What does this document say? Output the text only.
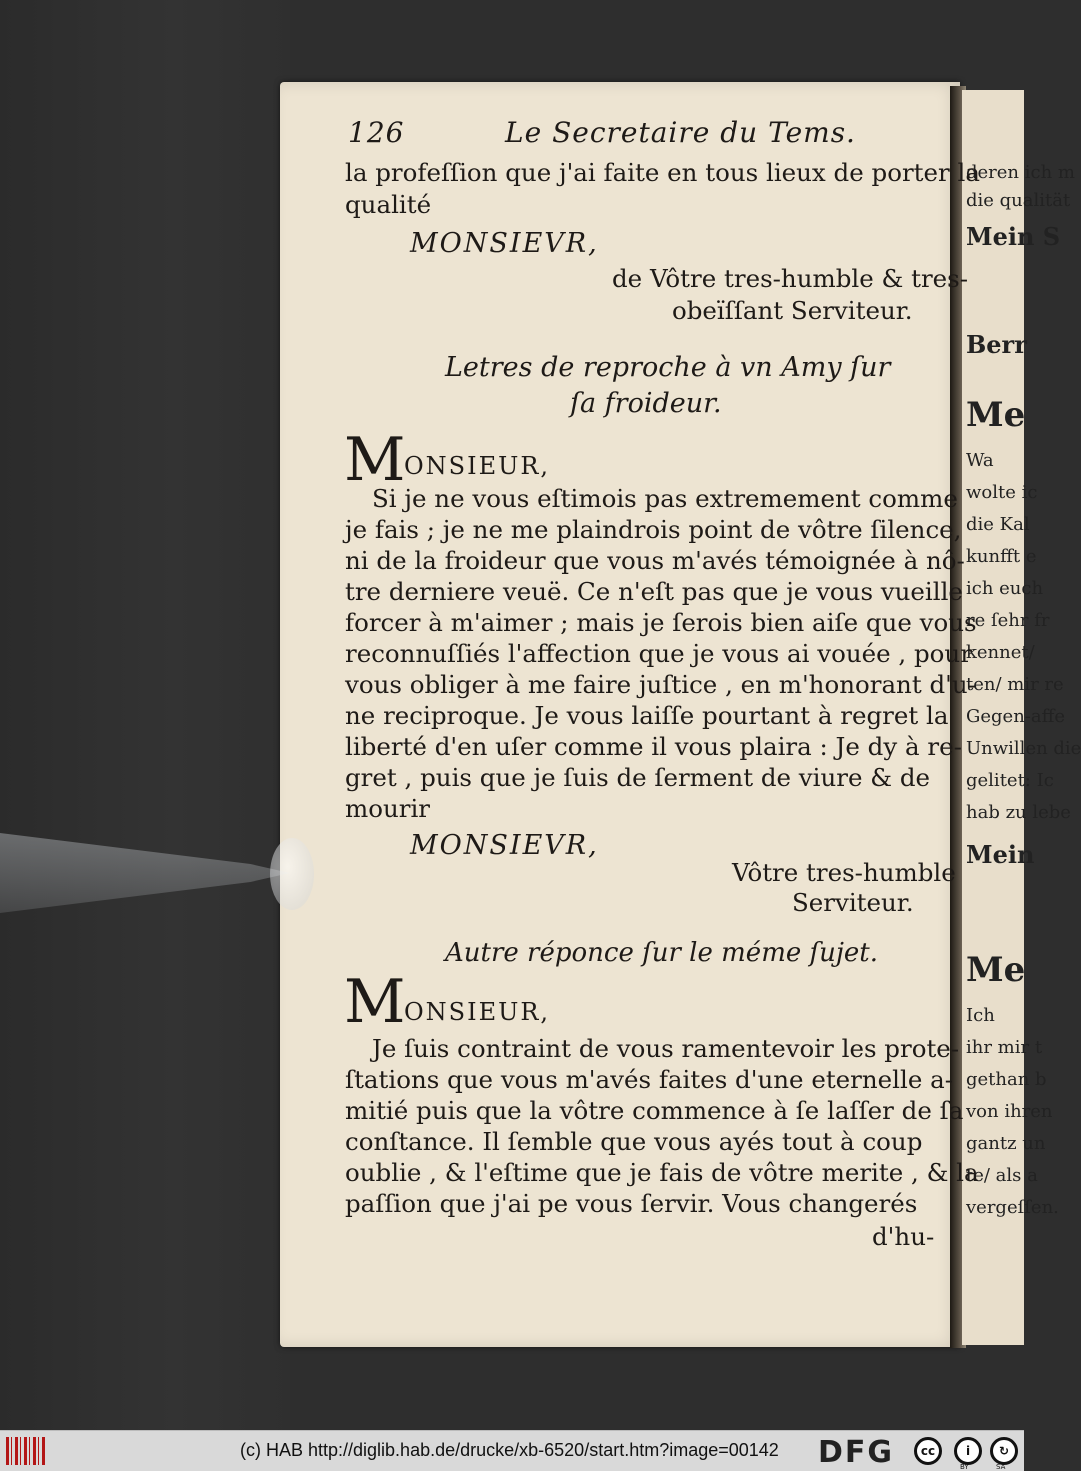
deren ich m
die qualität
Mein S
Berr
Me
Wa
wolte ic
die Kal
kunfft e
ich euch
re ſehr fr
kennet/
ten/ mir re
Gegen-affe
Unwillen die
gelitet: Ic
hab zu lebe
Mein
Me
Ich
ihr mir t
gethan b
von ihren
gantz un
te/ als a
vergeſſen.
126	Le Secretaire du Tems.
la profeſſion que j'ai faite en tous lieux de porter la
qualité
MONSIEVR,
de Vôtre tres-humble & tres-
obeïſſant Serviteur.
Letres de reproche à vn Amy ſur
ſa froideur.
M
ONSIEUR,
Si je ne vous eſtimois pas extremement comme
je fais ; je ne me plaindrois point de vôtre ſilence,
ni de la froideur que vous m'avés témoignée à nô-
tre derniere veuë. Ce n'eſt pas que je vous vueille
forcer à m'aimer ; mais je ſerois bien aiſe que vous
reconnuſſiés l'affection que je vous ai vouée , pour
vous obliger à me faire juſtice , en m'honorant d'u-
ne reciproque. Je vous laiſſe pourtant à regret la
liberté d'en uſer comme il vous plaira : Je dy à re-
gret , puis que je ſuis de ſerment de viure & de
mourir
MONSIEVR,
Vôtre tres-humble
Serviteur.
Autre réponce ſur le méme ſujet.
M
ONSIEUR,
Je ſuis contraint de vous ramentevoir les prote-
ſtations que vous m'avés faites d'une eternelle a-
mitié puis que la vôtre commence à ſe laſſer de ſa
conſtance. Il ſemble que vous ayés tout à coup
oublie , & l'eſtime que je fais de vôtre merite , & la
paſſion que j'ai pe vous ſervir. Vous changerés
d'hu-
(c) HAB http://diglib.hab.de/drucke/xb-6520/start.htm?image=00142 DFG	cc	i
BY
↻
SA
